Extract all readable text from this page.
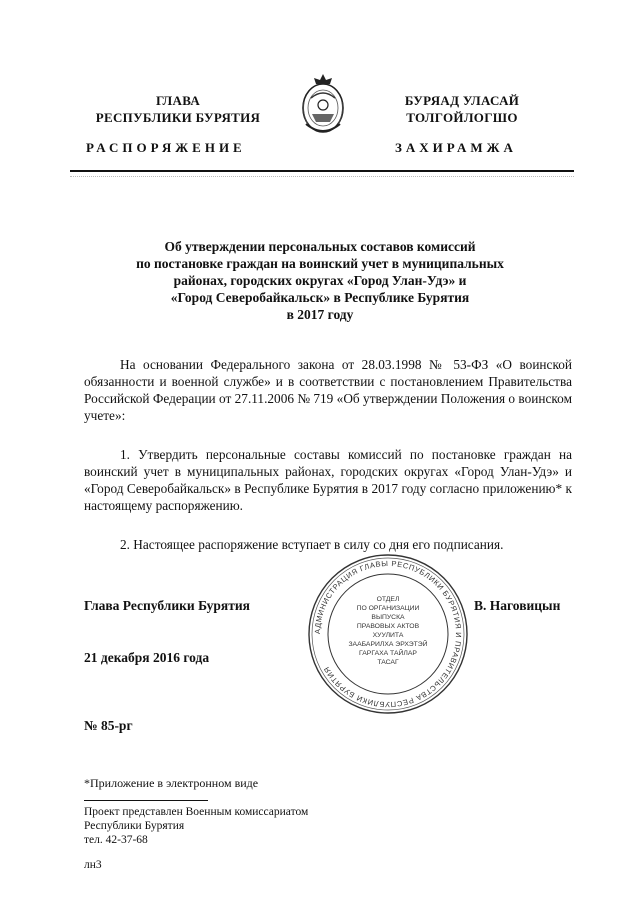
ГЛАВА
РЕСПУБЛИКИ БУРЯТИЯ
БУРЯАД УЛАСАЙ
ТОЛГОЙЛОГШО
РАСПОРЯЖЕНИЕ	ЗАХИРАМЖА
Об утверждении персональных составов комиссий
по постановке граждан на воинский учет в муниципальных
районах, городских округах «Город Улан-Удэ» и
«Город Северобайкальск» в Республике Бурятия
в 2017 году
На основании Федерального закона от 28.03.1998 № 53-ФЗ «О воинской обязанности и военной службе» и в соответствии с постановлением Правительства Российской Федерации от 27.11.2006 № 719 «Об утверждении Положения о воинском учете»:
1. Утвердить персональные составы комиссий по постановке граждан на воинский учет в муниципальных районах, городских округах «Город Улан-Удэ» и «Город Северобайкальск» в Республике Бурятия в 2017 году согласно приложению* к настоящему распоряжению.
2. Настоящее распоряжение вступает в силу со дня его подписания.
Глава Республики Бурятия	В. Наговицын
21 декабря 2016 года
№ 85-рг
АДМИНИСТРАЦИЯ ГЛАВЫ РЕСПУБЛИКИ БУРЯТИЯ И ПРАВИТЕЛЬСТВА РЕСПУБЛИКИ БУРЯТИЯ
ОТДЕЛ
ПО ОРГАНИЗАЦИИ
ВЫПУСКА
ПРАВОВЫХ АКТОВ
ХУУЛИТА
ЗААБАРИЛХА ЭРХЭТЭЙ
ГАРГАХА ТАЙЛАР
ТАСАГ
*Приложение в электронном виде
Проект представлен Военным комиссариатом
Республики Бурятия
тел. 42-37-68
лн3
